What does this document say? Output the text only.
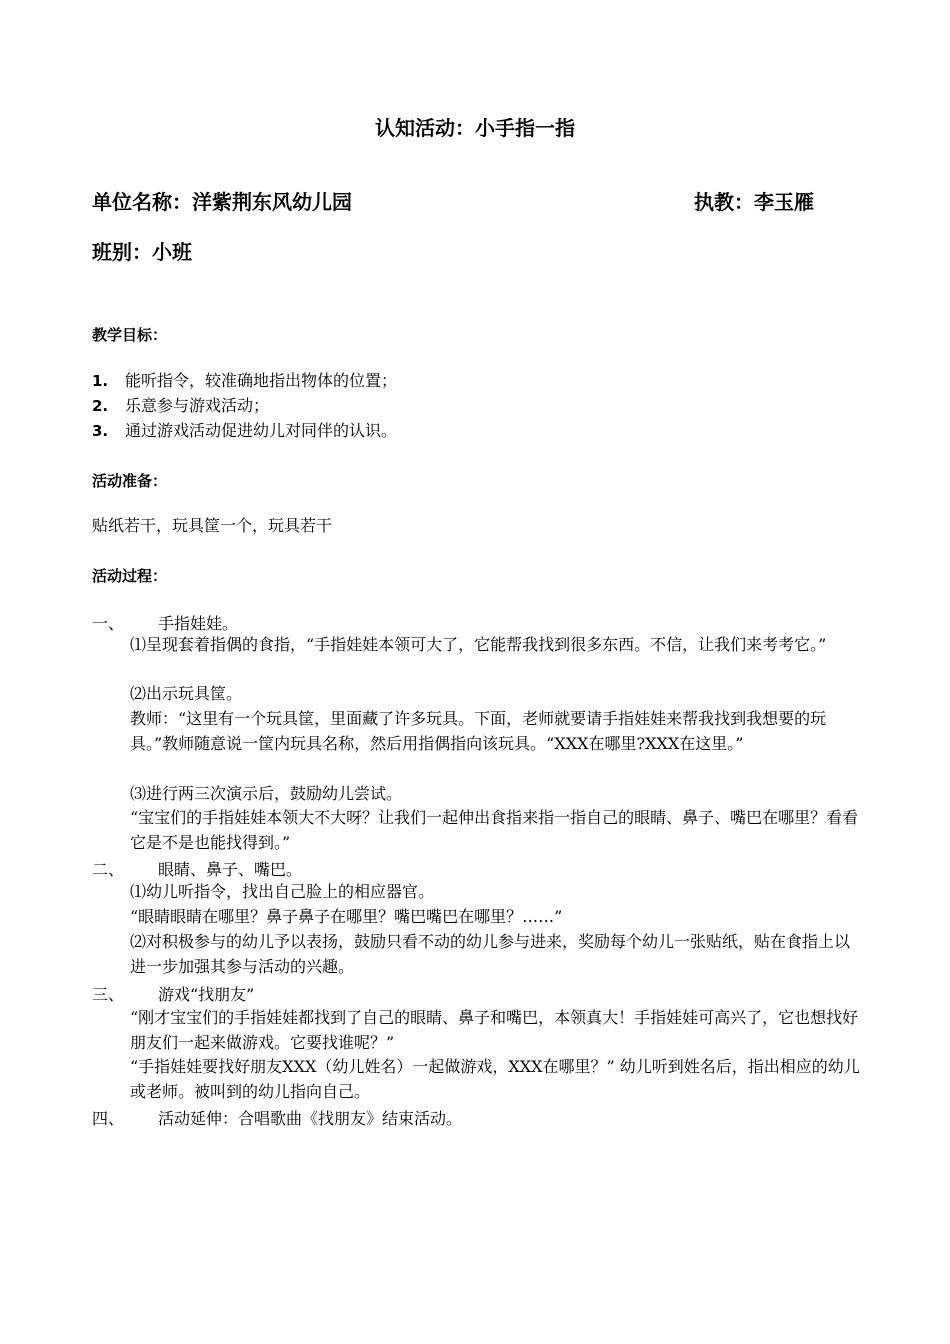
认知活动：小手指一指
单位名称：洋紫荆东风幼儿园	执教：李玉雁
班别：小班
教学目标：
1. 能听指令，较准确地指出物体的位置；
2. 乐意参与游戏活动；
3. 通过游戏活动促进幼儿对同伴的认识。
活动准备：
贴纸若干，玩具筐一个，玩具若干
活动过程：
一、 手指娃娃。
⑴呈现套着指偶的食指，“手指娃娃本领可大了，它能帮我找到很多东西。不信，让我们来考考它。”
⑵出示玩具筐。
教师：“这里有一个玩具筐，里面藏了许多玩具。下面，老师就要请手指娃娃来帮我找到我想要的玩具。”教师随意说一筐内玩具名称，然后用指偶指向该玩具。“XXX在哪里?XXX在这里。”
⑶进行两三次演示后，鼓励幼儿尝试。
“宝宝们的手指娃娃本领大不大呀？让我们一起伸出食指来指一指自己的眼睛、鼻子、嘴巴在哪里？看看它是不是也能找得到。”
二、 眼睛、鼻子、嘴巴。
⑴幼儿听指令，找出自己脸上的相应器官。
“眼睛眼睛在哪里？鼻子鼻子在哪里？嘴巴嘴巴在哪里？……”
⑵对积极参与的幼儿予以表扬，鼓励只看不动的幼儿参与进来，奖励每个幼儿一张贴纸，贴在食指上以进一步加强其参与活动的兴趣。
三、 游戏“找朋友”
“刚才宝宝们的手指娃娃都找到了自己的眼睛、鼻子和嘴巴，本领真大！手指娃娃可高兴了，它也想找好朋友们一起来做游戏。它要找谁呢？”
“手指娃娃要找好朋友XXX（幼儿姓名）一起做游戏，XXX在哪里？” 幼儿听到姓名后，指出相应的幼儿或老师。被叫到的幼儿指向自己。
四、 活动延伸：合唱歌曲《找朋友》结束活动。
